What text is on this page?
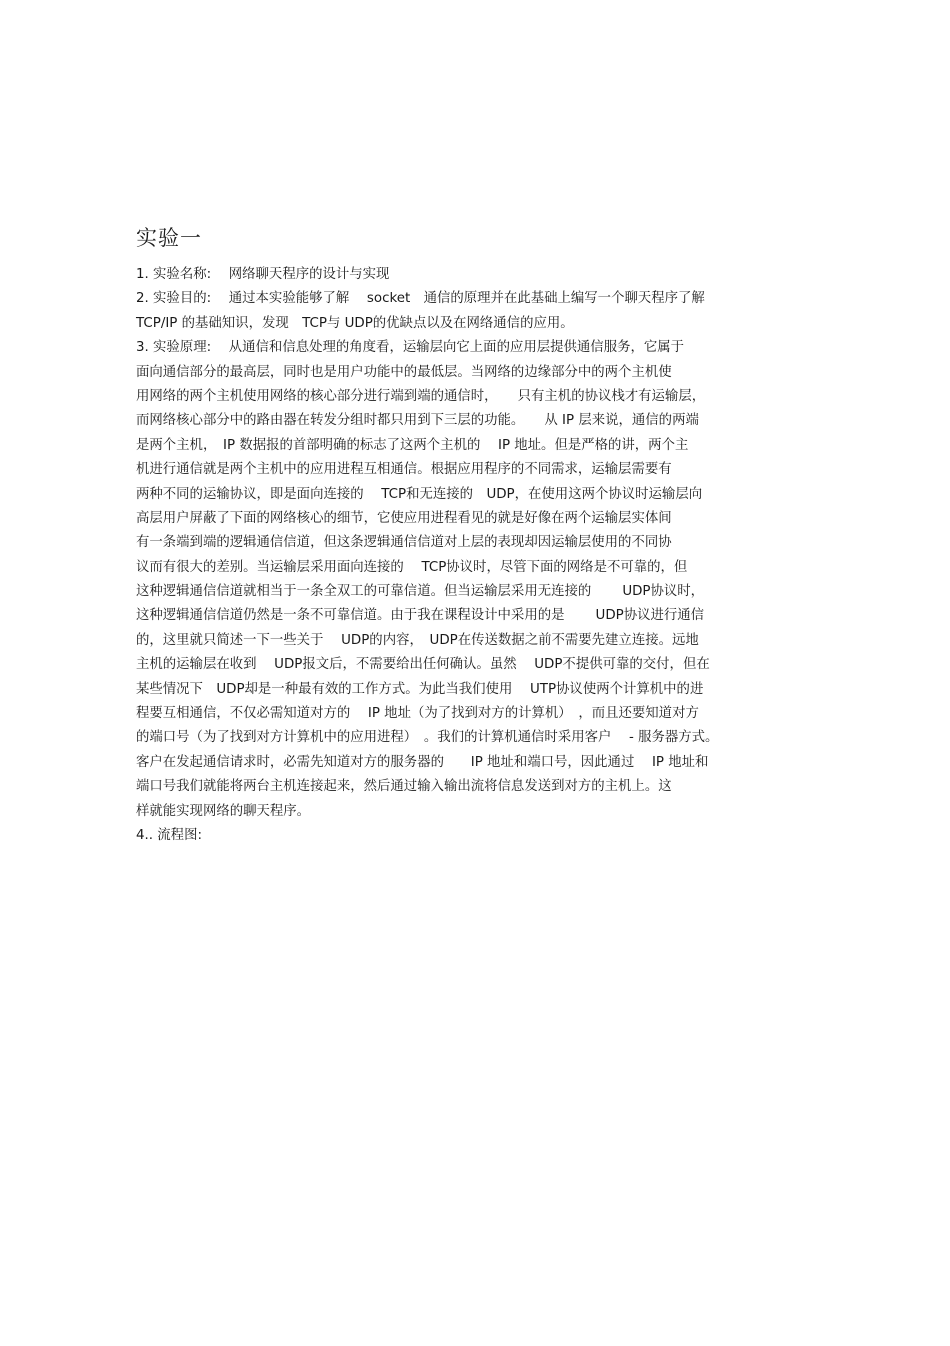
实验一
1. 实验名称:　 网络聊天程序的设计与实现
2. 实验目的:　 通过本实验能够了解　 socket　通信的原理并在此基础上编写一个聊天程序了解
TCP/IP 的基础知识，发现　TCP与 UDP的优缺点以及在网络通信的应用。
3. 实验原理:　 从通信和信息处理的角度看，运输层向它上面的应用层提供通信服务，它属于
面向通信部分的最高层，同时也是用户功能中的最低层。当网络的边缘部分中的两个主机使
用网络的两个主机使用网络的核心部分进行端到端的通信时，　　只有主机的协议栈才有运输层，
而网络核心部分中的路由器在转发分组时都只用到下三层的功能。　　从 IP 层来说，通信的两端
是两个主机，　IP 数据报的首部明确的标志了这两个主机的　 IP 地址。但是严格的讲，两个主
机进行通信就是两个主机中的应用进程互相通信。根据应用程序的不同需求，运输层需要有
两种不同的运输协议，即是面向连接的　 TCP和无连接的　UDP，在使用这两个协议时运输层向
高层用户屏蔽了下面的网络核心的细节，它使应用进程看见的就是好像在两个运输层实体间
有一条端到端的逻辑通信信道，但这条逻辑通信信道对上层的表现却因运输层使用的不同协
议而有很大的差别。当运输层采用面向连接的　 TCP协议时，尽管下面的网络是不可靠的，但
这种逻辑通信信道就相当于一条全双工的可靠信道。但当运输层采用无连接的　　 UDP协议时，
这种逻辑通信信道仍然是一条不可靠信道。由于我在课程设计中采用的是　　 UDP协议进行通信
的，这里就只简述一下一些关于　 UDP的内容，　UDP在传送数据之前不需要先建立连接。远地
主机的运输层在收到　 UDP报文后，不需要给出任何确认。虽然　 UDP不提供可靠的交付，但在
某些情况下　UDP却是一种最有效的工作方式。为此当我们使用　 UTP协议使两个计算机中的进
程要互相通信，不仅必需知道对方的　 IP 地址（为了找到对方的计算机）　，而且还要知道对方
的端口号（为了找到对方计算机中的应用进程）　。我们的计算机通信时采用客户　 - 服务器方式。
客户在发起通信请求时，必需先知道对方的服务器的　　IP 地址和端口号，因此通过　 IP 地址和
端口号我们就能将两台主机连接起来，然后通过输入输出流将信息发送到对方的主机上。这
样就能实现网络的聊天程序。
4.. 流程图:
